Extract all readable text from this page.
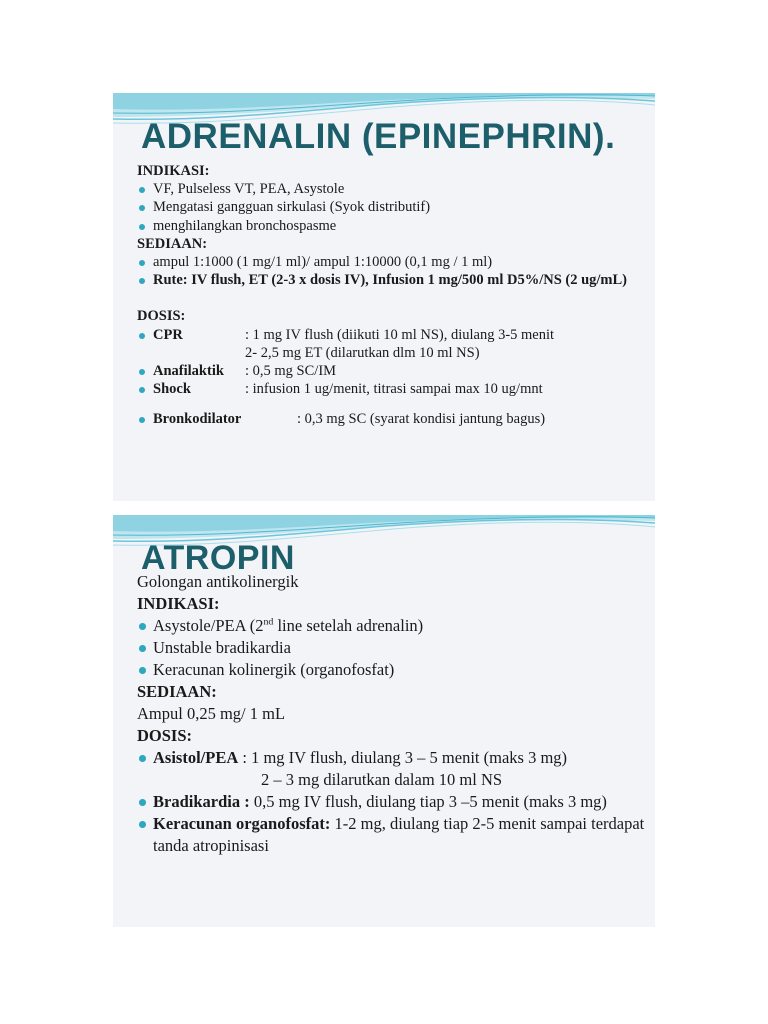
ADRENALIN (EPINEPHRIN).
INDIKASI:
VF, Pulseless VT, PEA, Asystole
Mengatasi gangguan sirkulasi (Syok distributif)
menghilangkan bronchospasme
SEDIAAN:
ampul 1:1000 (1 mg/1 ml)/ ampul 1:10000 (0,1 mg / 1 ml)
Rute: IV flush, ET (2-3 x dosis IV), Infusion 1 mg/500 ml D5%/NS (2 ug/mL)
DOSIS:
CPR	: 1 mg IV flush (diikuti 10 ml NS), diulang 3-5 menit
2- 2,5 mg ET (dilarutkan dlm 10 ml NS)
Anafilaktik : 0,5 mg SC/IM
Shock	: infusion 1 ug/menit, titrasi sampai max 10 ug/mnt
Bronkodilator	: 0,3 mg SC (syarat kondisi jantung bagus)
ATROPIN
Golongan antikolinergik
INDIKASI:
Asystole/PEA (2nd line setelah adrenalin)
Unstable bradikardia
Keracunan kolinergik (organofosfat)
SEDIAAN:
Ampul 0,25 mg/ 1 mL
DOSIS:
Asistol/PEA : 1 mg IV flush, diulang 3 – 5 menit (maks 3 mg)
2 – 3 mg dilarutkan dalam 10 ml NS
Bradikardia : 0,5 mg IV flush, diulang tiap 3 –5 menit (maks 3 mg)
Keracunan organofosfat: 1-2 mg, diulang tiap 2-5 menit sampai terdapat tanda atropinisasi
